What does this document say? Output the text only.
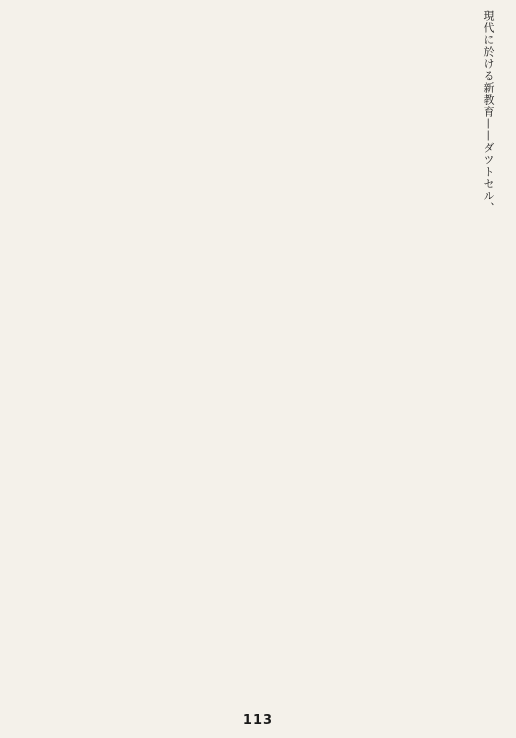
現代に於ける新教育——ダツトセル、
113
